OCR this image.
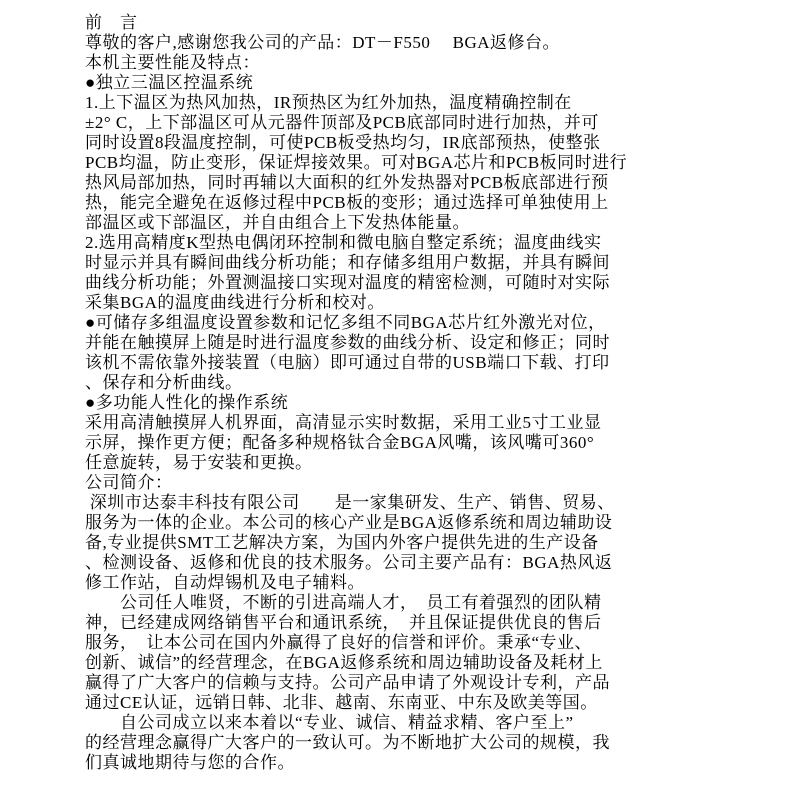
前　言
尊敬的客户,感谢您我公司的产品：DT－F550　 BGA返修台。
本机主要性能及特点：
●独立三温区控温系统
1.上下温区为热风加热，IR预热区为红外加热，温度精确控制在
±2° C，上下部温区可从元器件顶部及PCB底部同时进行加热，并可
同时设置8段温度控制，可使PCB板受热均匀，IR底部预热，使整张
PCB均温，防止变形，保证焊接效果。可对BGA芯片和PCB板同时进行
热风局部加热，同时再辅以大面积的红外发热器对PCB板底部进行预
热，能完全避免在返修过程中PCB板的变形；通过选择可单独使用上
部温区或下部温区，并自由组合上下发热体能量。
2.选用高精度K型热电偶闭环控制和微电脑自整定系统；温度曲线实
时显示并具有瞬间曲线分析功能；和存储多组用户数据，并具有瞬间
曲线分析功能；外置测温接口实现对温度的精密检测，可随时对实际
采集BGA的温度曲线进行分析和校对。
●可储存多组温度设置参数和记忆多组不同BGA芯片红外激光对位，
并能在触摸屏上随是时进行温度参数的曲线分析、设定和修正；同时
该机不需依靠外接装置（电脑）即可通过自带的USB端口下载、打印
、保存和分析曲线。
●多功能人性化的操作系统
采用高清触摸屏人机界面，高清显示实时数据，采用工业5寸工业显
示屏，操作更方便；配备多种规格钛合金BGA风嘴，该风嘴可360°
任意旋转，易于安装和更换。
公司简介：
深圳市达泰丰科技有限公司　　是一家集研发、生产、销售、贸易、
服务为一体的企业。本公司的核心产业是BGA返修系统和周边辅助设
备,专业提供SMT工艺解决方案，为国内外客户提供先进的生产设备
、检测设备、返修和优良的技术服务。公司主要产品有：BGA热风返
修工作站，自动焊锡机及电子辅料。
　　公司任人唯贤，不断的引进高端人才，　员工有着强烈的团队精
神，已经建成网络销售平台和通讯系统，　并且保证提供优良的售后
服务，　让本公司在国内外赢得了良好的信誉和评价。秉承“专业、
创新、诚信”的经营理念，在BGA返修系统和周边辅助设备及耗材上
赢得了广大客户的信赖与支持。公司产品申请了外观设计专利，产品
通过CE认证，远销日韩、北非、越南、东南亚、中东及欧美等国。
　　自公司成立以来本着以“专业、诚信、精益求精、客户至上”
的经营理念赢得广大客户的一致认可。为不断地扩大公司的规模，我
们真诚地期待与您的合作。
